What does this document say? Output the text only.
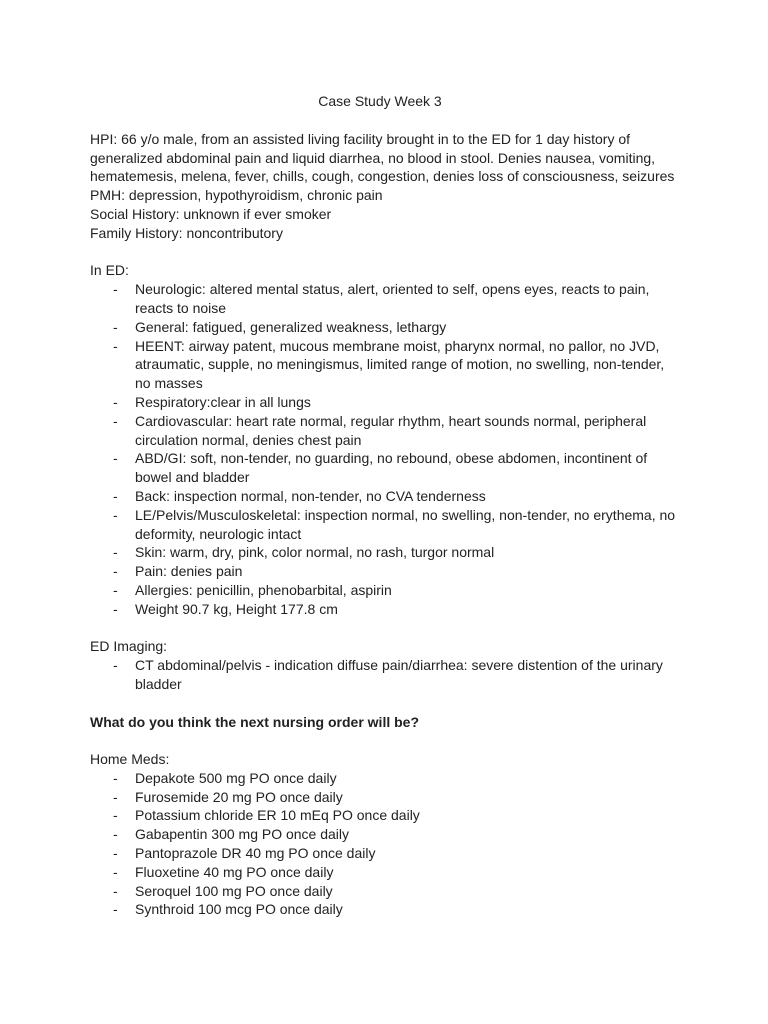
Case Study Week 3

HPI: 66 y/o male, from an assisted living facility brought in to the ED for 1 day history of generalized abdominal pain and liquid diarrhea, no blood in stool. Denies nausea, vomiting, hematemesis, melena, fever, chills, cough, congestion, denies loss of consciousness, seizures

PMH: depression, hypothyroidism, chronic pain

Social History: unknown if ever smoker

Family History: noncontributory

In ED:

- Neurologic: altered mental status, alert, oriented to self, opens eyes, reacts to pain, reacts to noise
- General: fatigued, generalized weakness, lethargy
- HEENT: airway patent, mucous membrane moist, pharynx normal, no pallor, no JVD, atraumatic, supple, no meningismus, limited range of motion, no swelling, non-tender, no masses
- Respiratory:clear in all lungs
- Cardiovascular: heart rate normal, regular rhythm, heart sounds normal, peripheral circulation normal, denies chest pain
- ABD/GI: soft, non-tender, no guarding, no rebound, obese abdomen, incontinent of bowel and bladder
- Back: inspection normal, non-tender, no CVA tenderness
- LE/Pelvis/Musculoskeletal: inspection normal, no swelling, non-tender, no erythema, no deformity, neurologic intact
- Skin: warm, dry, pink, color normal, no rash, turgor normal
- Pain: denies pain
- Allergies: penicillin, phenobarbital, aspirin
- Weight 90.7 kg, Height 177.8 cm

ED Imaging:

- CT abdominal/pelvis - indication diffuse pain/diarrhea: severe distention of the urinary bladder

What do you think the next nursing order will be?

Home Meds:

- Depakote 500 mg PO once daily
- Furosemide 20 mg PO once daily
- Potassium chloride ER 10 mEq PO once daily
- Gabapentin 300 mg PO once daily
- Pantoprazole DR 40 mg PO once daily
- Fluoxetine 40 mg PO once daily
- Seroquel 100 mg PO once daily
- Synthroid 100 mcg PO once daily
